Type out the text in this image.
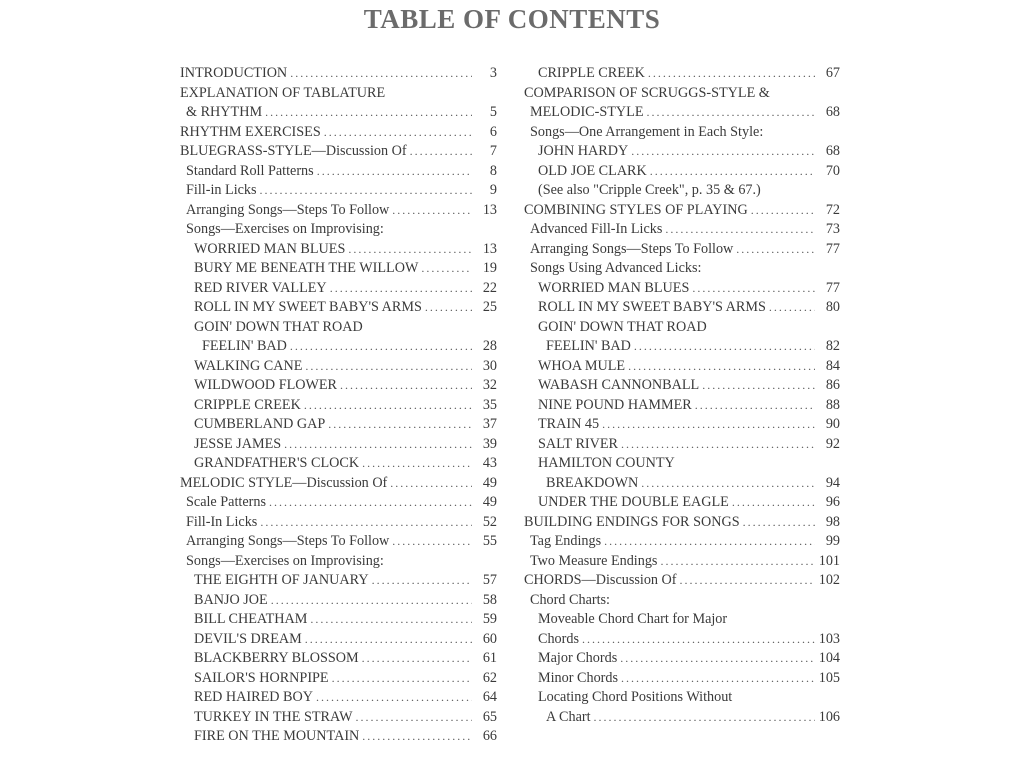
TABLE OF CONTENTS
INTRODUCTION . . .	3
EXPLANATION OF TABLATURE
& RHYTHM . . .	5
RHYTHM EXERCISES . . .	6
BLUEGRASS-STYLE—Discussion Of . . .	7
Standard Roll Patterns . . .	8
Fill-in Licks . . .	9
Arranging Songs—Steps To Follow . . .	13
Songs—Exercises on Improvising:
WORRIED MAN BLUES . . .	13
BURY ME BENEATH THE WILLOW . . .	19
RED RIVER VALLEY . . .	22
ROLL IN MY SWEET BABY'S ARMS . . .	25
GOIN' DOWN THAT ROAD
FEELIN' BAD . . .	28
WALKING CANE . . .	30
WILDWOOD FLOWER . . .	32
CRIPPLE CREEK . . .	35
CUMBERLAND GAP . . .	37
JESSE JAMES . . .	39
GRANDFATHER'S CLOCK . . .	43
MELODIC STYLE—Discussion Of . . .	49
Scale Patterns . . .	49
Fill-In Licks . . .	52
Arranging Songs—Steps To Follow . . .	55
Songs—Exercises on Improvising:
THE EIGHTH OF JANUARY . . .	57
BANJO JOE . . .	58
BILL CHEATHAM . . .	59
DEVIL'S DREAM . . .	60
BLACKBERRY BLOSSOM . . .	61
SAILOR'S HORNPIPE . . .	62
RED HAIRED BOY . . .	64
TURKEY IN THE STRAW . . .	65
FIRE ON THE MOUNTAIN . . .	66
CRIPPLE CREEK . . .	67
COMPARISON OF SCRUGGS-STYLE &
MELODIC-STYLE . . .	68
Songs—One Arrangement in Each Style:
JOHN HARDY . . .	68
OLD JOE CLARK . . .	70
(See also "Cripple Creek", p. 35 & 67.)
COMBINING STYLES OF PLAYING . . .	72
Advanced Fill-In Licks . . .	73
Arranging Songs—Steps To Follow . . .	77
Songs Using Advanced Licks:
WORRIED MAN BLUES . . .	77
ROLL IN MY SWEET BABY'S ARMS . . .	80
GOIN' DOWN THAT ROAD
FEELIN' BAD . . .	82
WHOA MULE . . .	84
WABASH CANNONBALL . . .	86
NINE POUND HAMMER . . .	88
TRAIN 45 . . .	90
SALT RIVER . . .	92
HAMILTON COUNTY
BREAKDOWN . . .	94
UNDER THE DOUBLE EAGLE . . .	96
BUILDING ENDINGS FOR SONGS . . .	98
Tag Endings . . .	99
Two Measure Endings . . .	101
CHORDS—Discussion Of . . .	102
Chord Charts:
Moveable Chord Chart for Major
Chords . . .	103
Major Chords . . .	104
Minor Chords . . .	105
Locating Chord Positions Without
A Chart . . .	106
